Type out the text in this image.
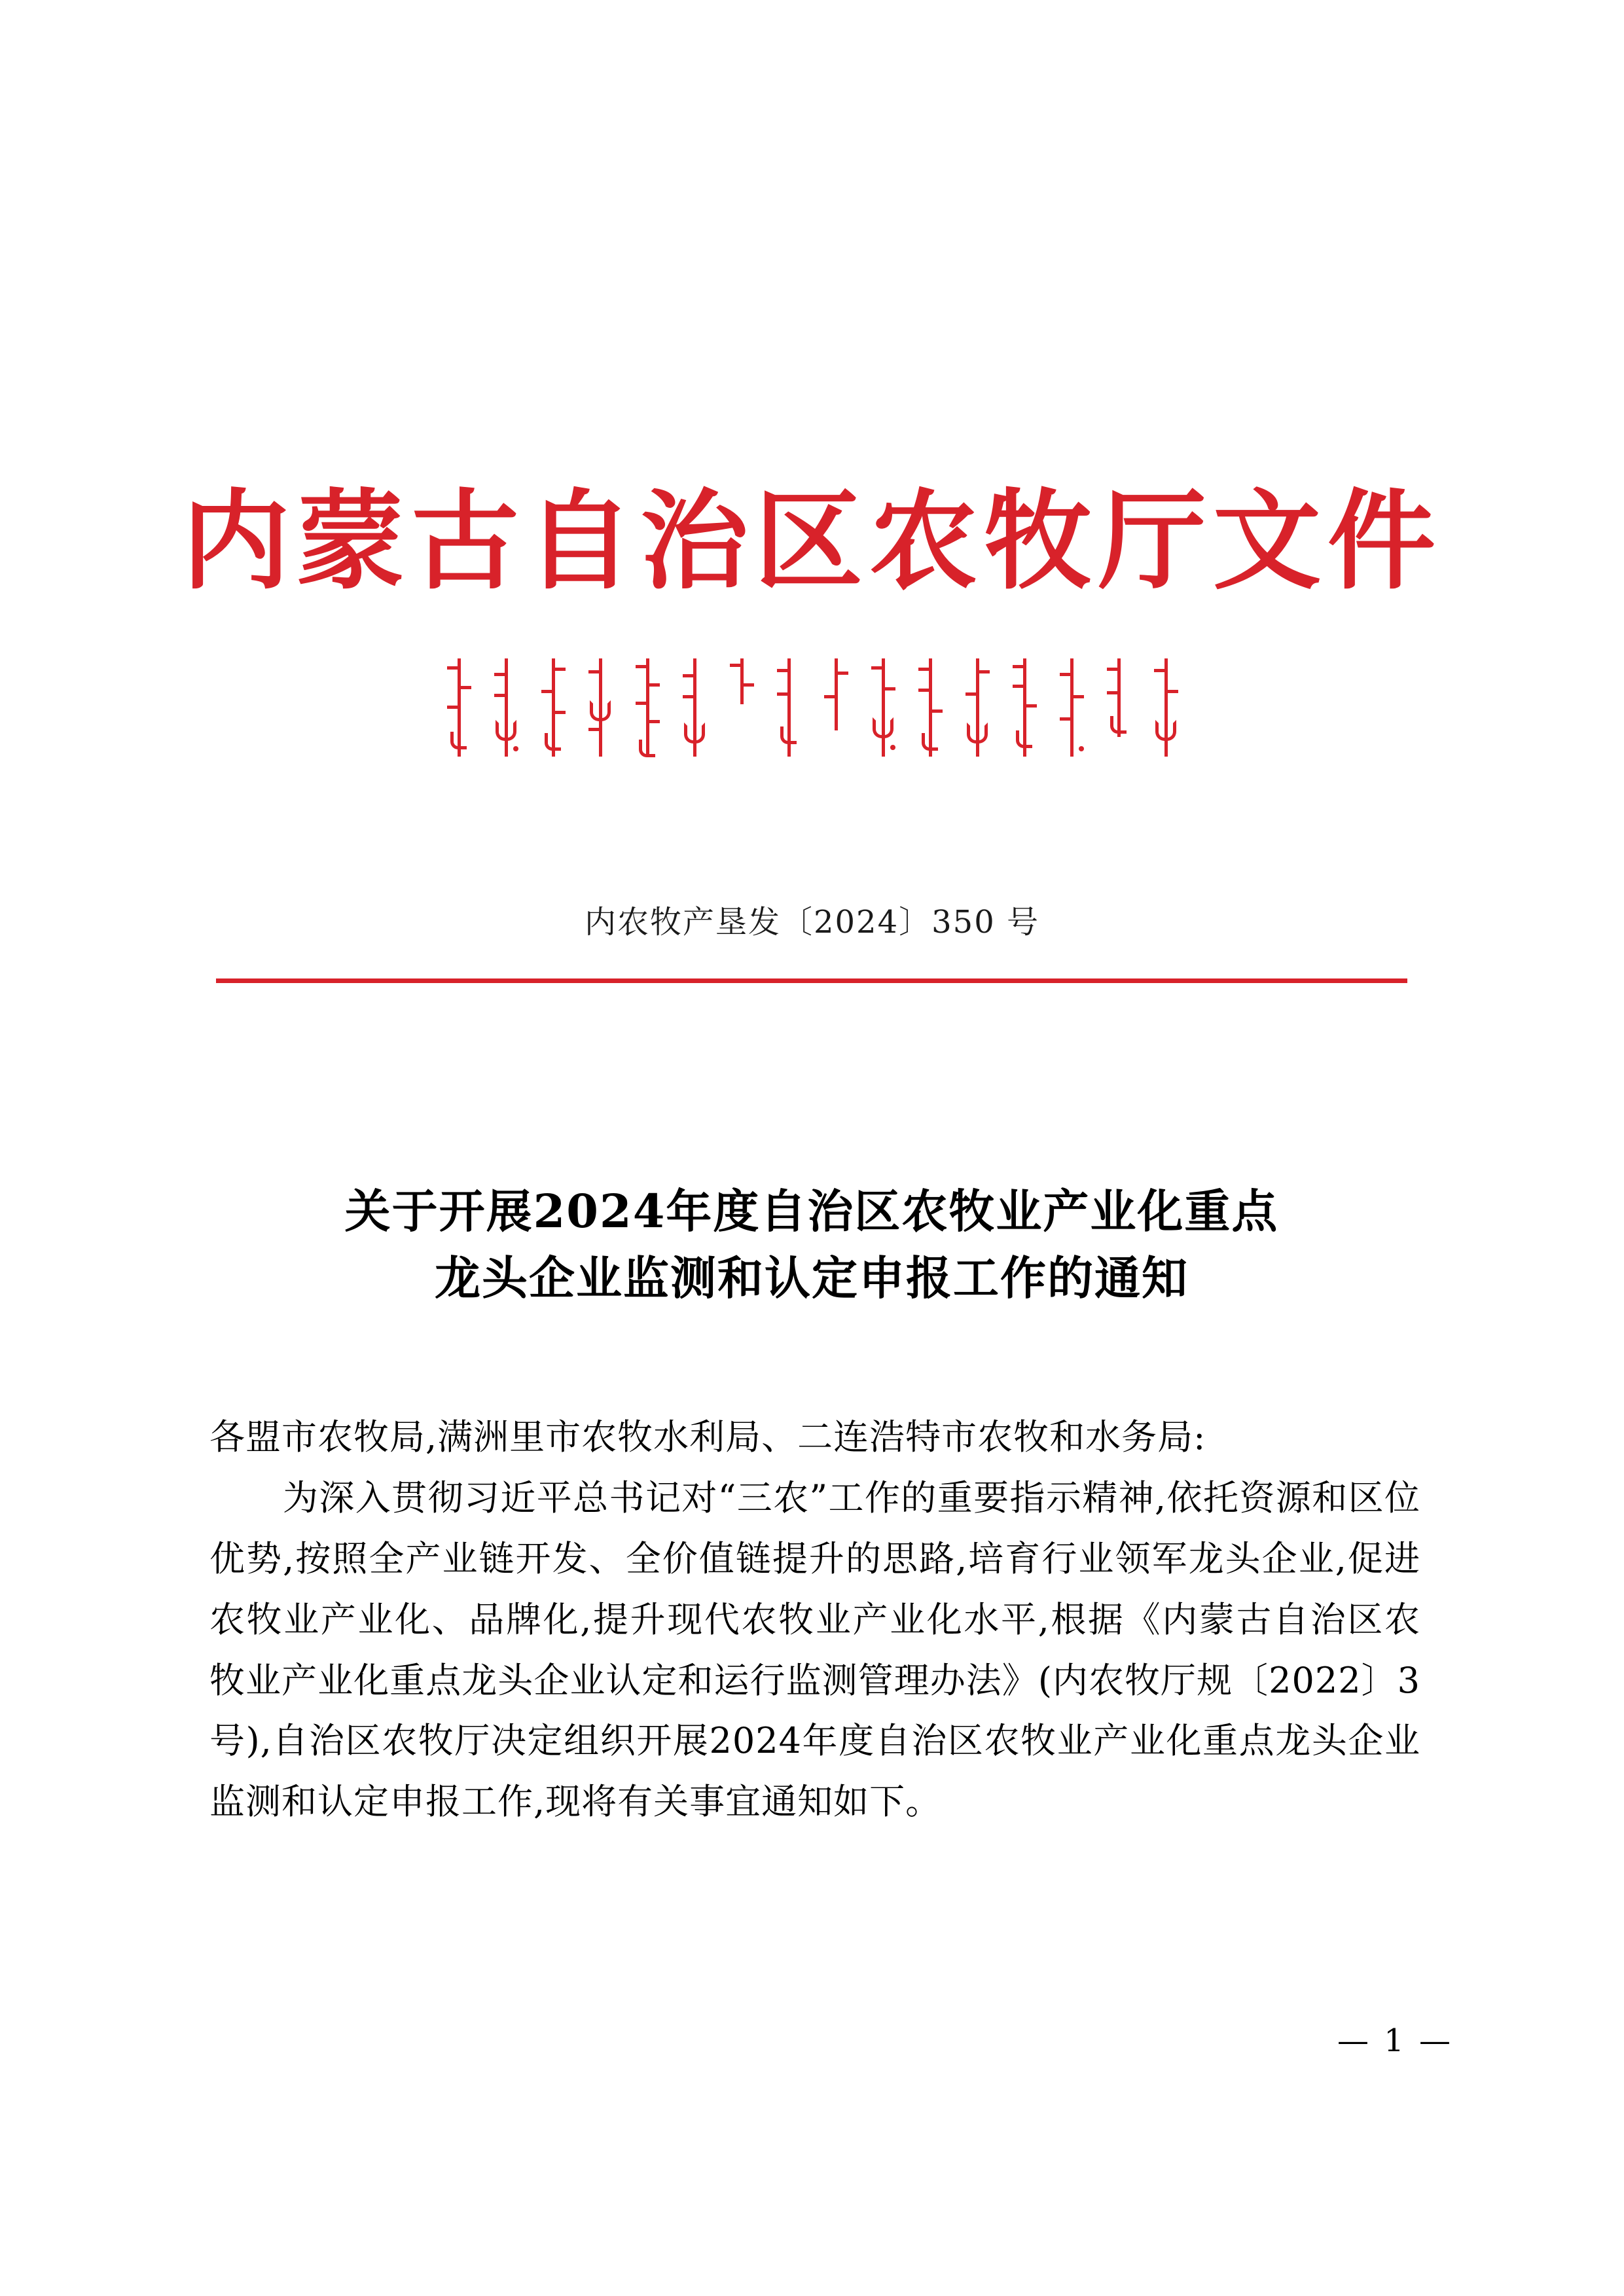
内蒙古自治区农牧厅文件
内农牧产垦发〔2024〕350 号
关于开展2024年度自治区农牧业产业化重点
龙头企业监测和认定申报工作的通知

各盟市农牧局,满洲里市农牧水利局、二连浩特市农牧和水务局:

为深入贯彻习近平总书记对“三农”工作的重要指示精神,依托资源和区位优势,按照全产业链开发、全价值链提升的思路,培育行业领军龙头企业,促进农牧业产业化、品牌化,提升现代农牧业产业化水平,根据《内蒙古自治区农牧业产业化重点龙头企业认定和运行监测管理办法》(内农牧厅规〔2022〕3号),自治区农牧厅决定组织开展2024年度自治区农牧业产业化重点龙头企业监测和认定申报工作,现将有关事宜通知如下。

— 1 —
